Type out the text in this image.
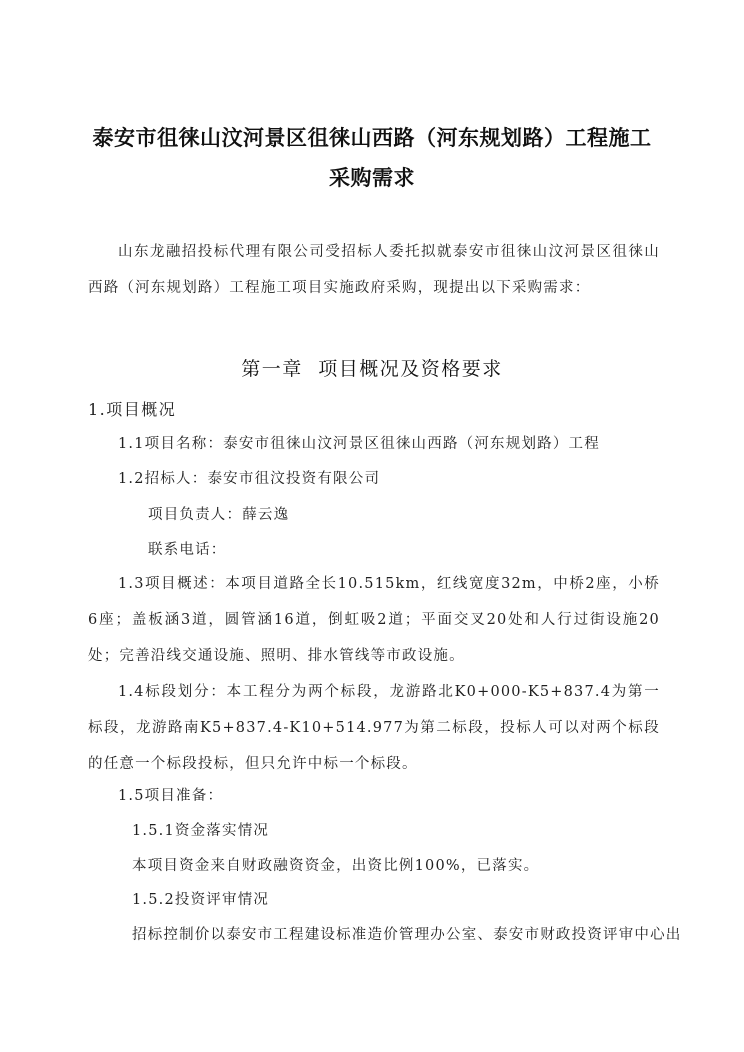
泰安市徂徕山汶河景区徂徕山西路（河东规划路）工程施工
采购需求

山东龙融招投标代理有限公司受招标人委托拟就泰安市徂徕山汶河景区徂徕山西路（河东规划路）工程施工项目实施政府采购，现提出以下采购需求：

第一章 项目概况及资格要求
1.项目概况
1.1项目名称：泰安市徂徕山汶河景区徂徕山西路（河东规划路）工程
1.2招标人：泰安市徂汶投资有限公司
项目负责人：薛云逸
联系电话：

1.3项目概述：本项目道路全长10.515km，红线宽度32m，中桥2座，小桥6座；盖板涵3道，圆管涵16道，倒虹吸2道；平面交叉20处和人行过街设施20处；完善沿线交通设施、照明、排水管线等市政设施。

1.4标段划分：本工程分为两个标段，龙游路北K0+000-K5+837.4为第一标段，龙游路南K5+837.4-K10+514.977为第二标段，投标人可以对两个标段的任意一个标段投标，但只允许中标一个标段。

1.5项目准备：
1.5.1资金落实情况
本项目资金来自财政融资资金，出资比例100%，已落实。
1.5.2投资评审情况
招标控制价以泰安市工程建设标准造价管理办公室、泰安市财政投资评审中心出
